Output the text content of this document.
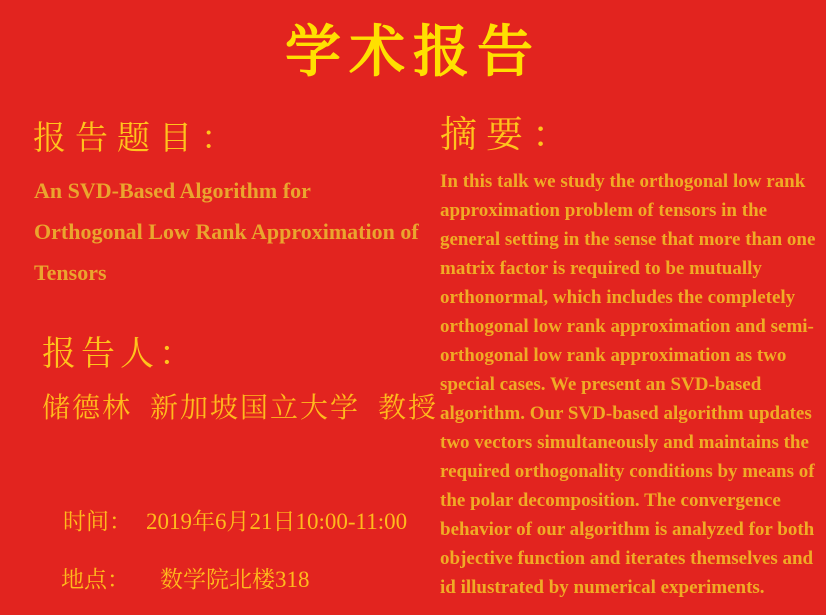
学术报告
报告题目：
An SVD-Based Algorithm for
Orthogonal Low Rank Approximation of
Tensors
报告人：
储德林  新加坡国立大学  教授

时间： 2019年6月21日10:00-11:00

地点： 数学院北楼318

摘要：
In this talk we study the orthogonal low rank
approximation problem of tensors in the
general setting in the sense that more than one
matrix factor is required to be mutually
orthonormal, which includes the completely
orthogonal low rank approximation and semi-
orthogonal low rank approximation as two
special cases. We present an SVD-based
algorithm. Our SVD-based algorithm updates
two vectors simultaneously and maintains the
required orthogonality conditions by means of
the polar decomposition. The convergence
behavior of our algorithm is analyzed for both
objective function and iterates themselves and
id illustrated by numerical experiments.
